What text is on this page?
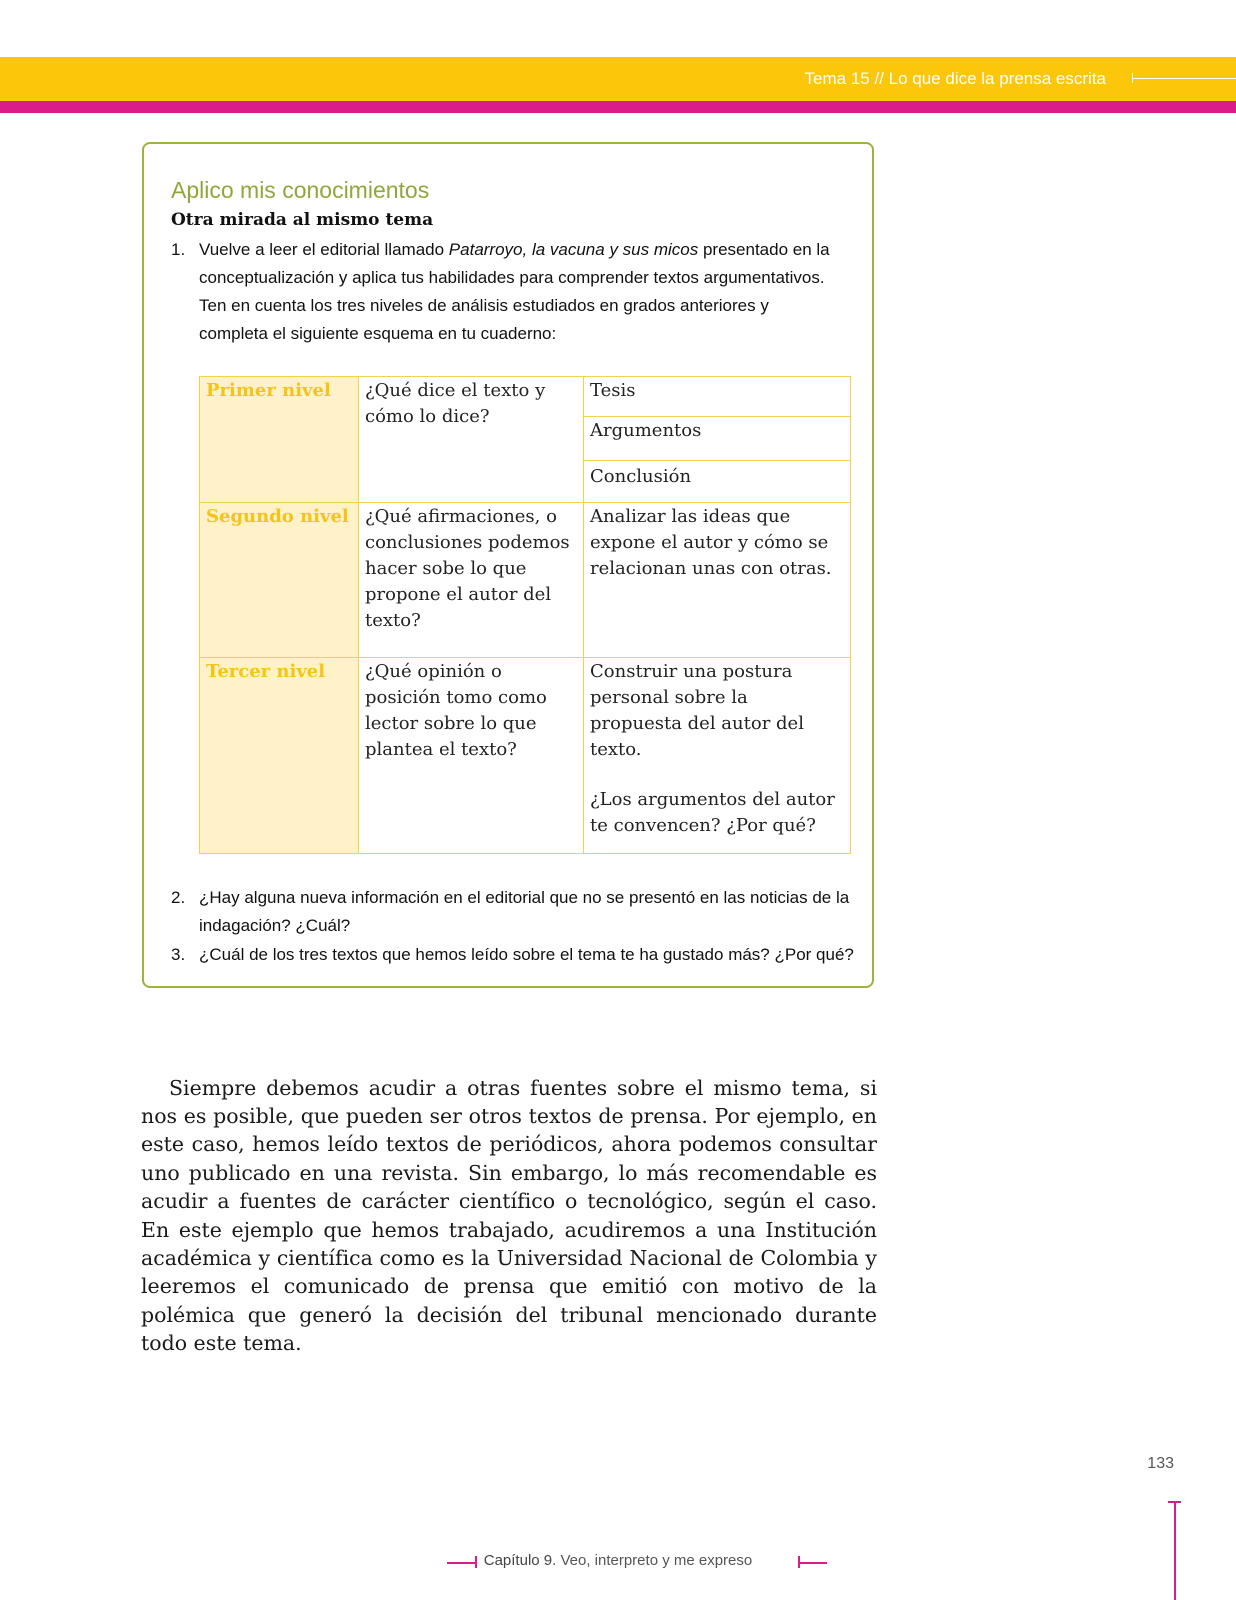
Tema 15 // Lo que dice la prensa escrita
Aplico mis conocimientos
Otra mirada al mismo tema
1. Vuelve a leer el editorial llamado Patarroyo, la vacuna y sus micos presentado en la conceptualización y aplica tus habilidades para comprender textos argumentativos. Ten en cuenta los tres niveles de análisis estudiados en grados anteriores y completa el siguiente esquema en tu cuaderno:
Primer nivel	¿Qué dice el texto y cómo lo dice?	Tesis
		Argumentos
		Conclusión
Segundo nivel	¿Qué afirmaciones, o conclusiones podemos hacer sobe lo que propone el autor del texto?	Analizar las ideas que expone el autor y cómo se relacionan unas con otras.
Tercer nivel	¿Qué opinión o posición tomo como lector sobre lo que plantea el texto?	Construir una postura personal sobre la propuesta del autor del texto.
¿Los argumentos del autor te convencen? ¿Por qué?
2. ¿Hay alguna nueva información en el editorial que no se presentó en las noticias de la indagación? ¿Cuál?
3. ¿Cuál de los tres textos que hemos leído sobre el tema te ha gustado más? ¿Por qué?

Siempre debemos acudir a otras fuentes sobre el mismo tema, si nos es posible, que pueden ser otros textos de prensa. Por ejemplo, en este caso, hemos leído textos de periódicos, ahora podemos consultar uno publicado en una revista. Sin embargo, lo más recomendable es acudir a fuentes de carácter científico o tecnológico, según el caso. En este ejemplo que hemos trabajado, acudiremos a una Institución académica y científica como es la Universidad Nacional de Colombia y leeremos el comunicado de prensa que emitió con motivo de la polémica que generó la decisión del tribunal mencionado durante todo este tema.

133
Capítulo 9. Veo, interpreto y me expreso
